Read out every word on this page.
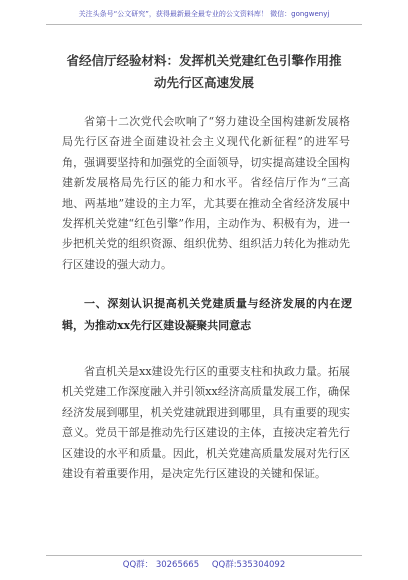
关注头条号“公文研究”，获得最新最全最专业的公文资料库！ 微信：gongwenyj
省经信厅经验材料：发挥机关党建红色引擎作用推动先行区高速发展

省第十二次党代会吹响了“努力建设全国构建新发展格局先行区奋进全面建设社会主义现代化新征程”的进军号角，强调要坚持和加强党的全面领导，切实提高建设全国构建新发展格局先行区的能力和水平。省经信厅作为“三高地、两基地”建设的主力军，尤其要在推动全省经济发展中发挥机关党建“红色引擎”作用，主动作为、积极有为，进一步把机关党的组织资源、组织优势、组织活力转化为推动先行区建设的强大动力。

一、深刻认识提高机关党建质量与经济发展的内在逻辑，为推动xx先行区建设凝聚共同意志

省直机关是xx建设先行区的重要支柱和执政力量。拓展机关党建工作深度融入并引领xx经济高质量发展工作，确保经济发展到哪里，机关党建就跟进到哪里，具有重要的现实意义。党员干部是推动先行区建设的主体，直接决定着先行区建设的水平和质量。因此，机关党建高质量发展对先行区建设有着重要作用，是决定先行区建设的关键和保证。

QQ群： 30265665 QQ群:535304092
